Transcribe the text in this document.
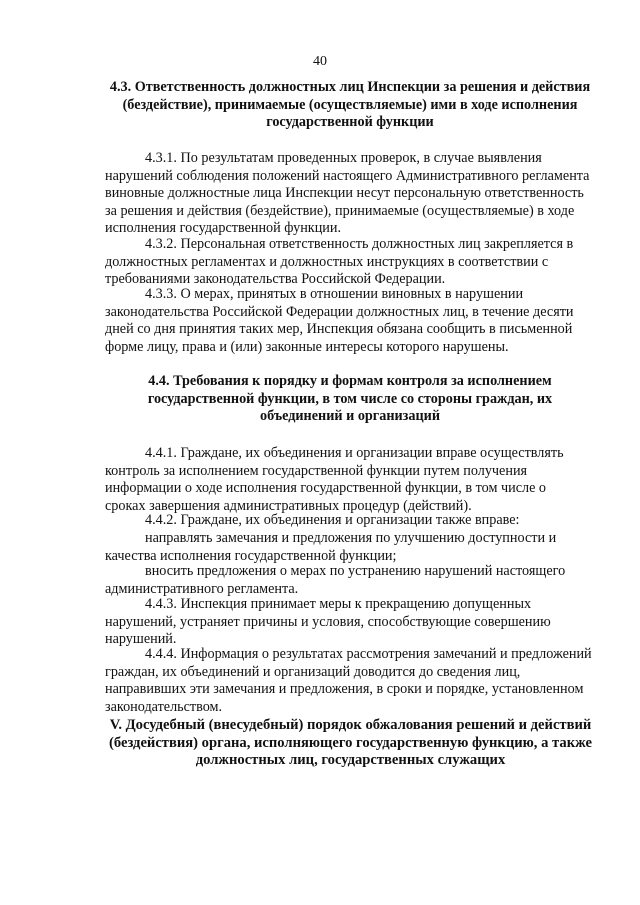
40
4.3. Ответственность должностных лиц Инспекции за решения и действия
(бездействие), принимаемые (осуществляемые) ими в ходе исполнения
государственной функции
4.3.1. По результатам проведенных проверок, в случае выявления
нарушений соблюдения положений настоящего Административного регламента
виновные должностные лица Инспекции несут персональную ответственность
за решения и действия (бездействие), принимаемые (осуществляемые) в ходе
исполнения государственной функции.
4.3.2. Персональная ответственность должностных лиц закрепляется в
должностных регламентах и должностных инструкциях в соответствии с
требованиями законодательства Российской Федерации.
4.3.3. О мерах, принятых в отношении виновных в нарушении
законодательства Российской Федерации должностных лиц, в течение десяти
дней со дня принятия таких мер, Инспекция обязана сообщить в письменной
форме лицу, права и (или) законные интересы которого нарушены.
4.4. Требования к порядку и формам контроля за исполнением
государственной функции, в том числе со стороны граждан, их
объединений и организаций
4.4.1. Граждане, их объединения и организации вправе осуществлять
контроль за исполнением государственной функции путем получения
информации о ходе исполнения государственной функции, в том числе о
сроках завершения административных процедур (действий).
4.4.2. Граждане, их объединения и организации также вправе:
направлять замечания и предложения по улучшению доступности и
качества исполнения государственной функции;
вносить предложения о мерах по устранению нарушений настоящего
административного регламента.
4.4.3. Инспекция принимает меры к прекращению допущенных
нарушений, устраняет причины и условия, способствующие совершению
нарушений.
4.4.4. Информация о результатах рассмотрения замечаний и предложений
граждан, их объединений и организаций доводится до сведения лиц,
направивших эти замечания и предложения, в сроки и порядке, установленном
законодательством.
V. Досудебный (внесудебный) порядок обжалования решений и действий
(бездействия) органа, исполняющего государственную функцию, а также
должностных лиц, государственных служащих
